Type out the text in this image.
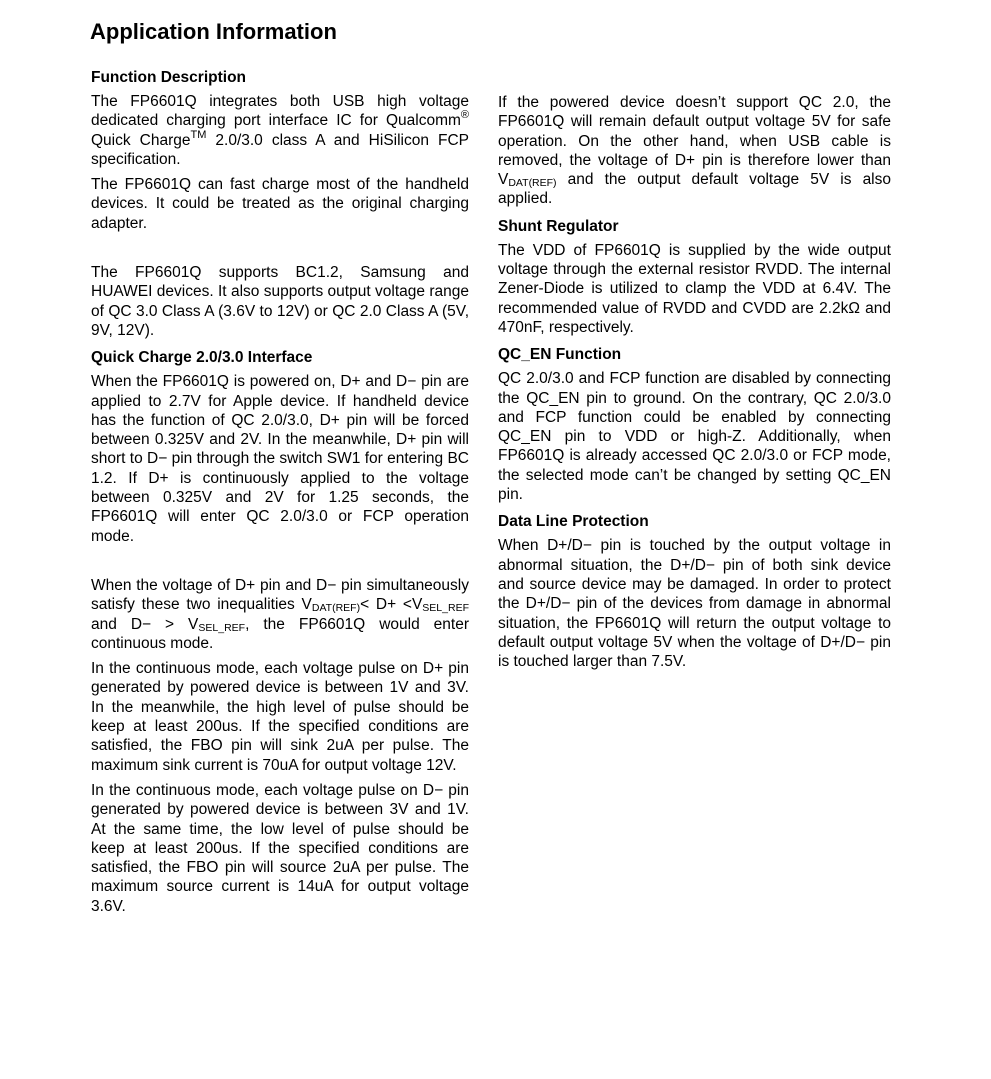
Application Information
Function Description

The FP6601Q integrates both USB high voltage dedicated charging port interface IC for Qualcomm® Quick Charge™ 2.0/3.0 class A and HiSilicon FCP specification.

The FP6601Q can fast charge most of the handheld devices. It could be treated as the original charging adapter.

The FP6601Q supports BC1.2, Samsung and HUAWEI devices. It also supports output voltage range of QC 3.0 Class A (3.6V to 12V) or QC 2.0 Class A (5V, 9V, 12V).

Quick Charge 2.0/3.0 Interface

When the FP6601Q is powered on, D+ and D− pin are applied to 2.7V for Apple device. If handheld device has the function of QC 2.0/3.0, D+ pin will be forced between 0.325V and 2V. In the meanwhile, D+ pin will short to D− pin through the switch SW1 for entering BC 1.2. If D+ is continuously applied to the voltage between 0.325V and 2V for 1.25 seconds, the FP6601Q will enter QC 2.0/3.0 or FCP operation mode.

When the voltage of D+ pin and D− pin simultaneously satisfy these two inequalities $V_{DAT(REF)}< D+ <V_{SEL\_REF}$ and $D- > V_{SEL\_REF}$, the FP6601Q would enter continuous mode.

In the continuous mode, each voltage pulse on D+ pin generated by powered device is between 1V and 3V. In the meanwhile, the high level of pulse should be keep at least 200us. If the specified conditions are satisfied, the FBO pin will sink 2uA per pulse. The maximum sink current is 70uA for output voltage 12V.

In the continuous mode, each voltage pulse on D− pin generated by powered device is between 3V and 1V. At the same time, the low level of pulse should be keep at least 200us. If the specified conditions are satisfied, the FBO pin will source 2uA per pulse. The maximum source current is 14uA for output voltage 3.6V.

If the powered device doesn’t support QC 2.0, the FP6601Q will remain default output voltage 5V for safe operation. On the other hand, when USB cable is removed, the voltage of D+ pin is therefore lower than $V_{DAT(REF)}$ and the output default voltage 5V is also applied.

Shunt Regulator

The VDD of FP6601Q is supplied by the wide output voltage through the external resistor RVDD. The internal Zener-Diode is utilized to clamp the VDD at 6.4V. The recommended value of RVDD and CVDD are 2.2kΩ and 470nF, respectively.

QC_EN Function

QC 2.0/3.0 and FCP function are disabled by connecting the QC_EN pin to ground. On the contrary, QC 2.0/3.0 and FCP function could be enabled by connecting QC_EN pin to VDD or high-Z. Additionally, when FP6601Q is already accessed QC 2.0/3.0 or FCP mode, the selected mode can’t be changed by setting QC_EN pin.

Data Line Protection

When D+/D− pin is touched by the output voltage in abnormal situation, the D+/D− pin of both sink device and source device may be damaged. In order to protect the D+/D− pin of the devices from damage in abnormal situation, the FP6601Q will return the output voltage to default output voltage 5V when the voltage of D+/D− pin is touched larger than 7.5V.
